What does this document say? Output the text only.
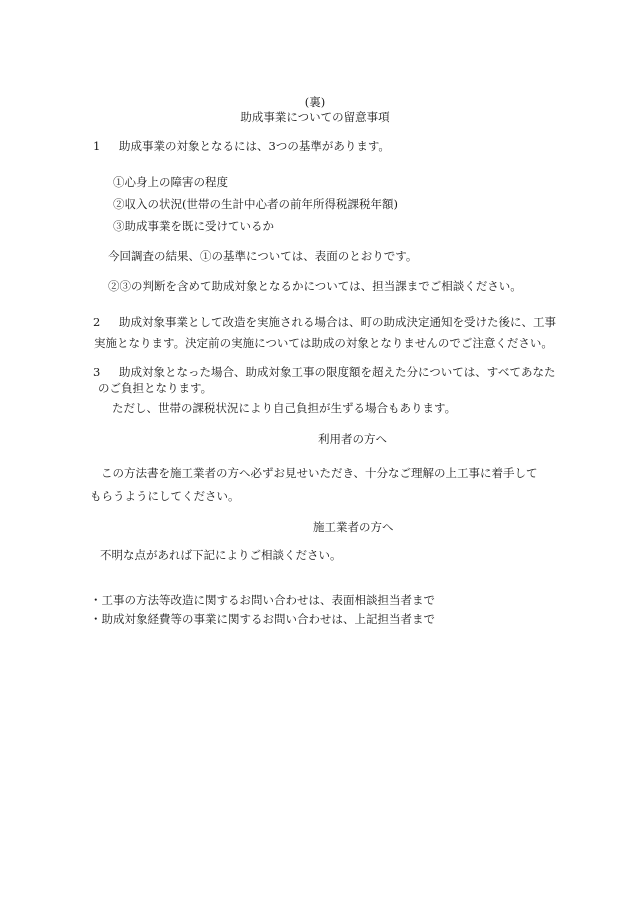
(裏)
助成事業についての留意事項
1 助成事業の対象となるには、3つの基準があります。
①心身上の障害の程度
②収入の状況(世帯の生計中心者の前年所得税課税年額)
③助成事業を既に受けているか
今回調査の結果、①の基準については、表面のとおりです。
②③の判断を含めて助成対象となるかについては、担当課までご相談ください。
2 助成対象事業として改造を実施される場合は、町の助成決定通知を受けた後に、工事
実施となります。決定前の実施については助成の対象となりませんのでご注意ください。
3 助成対象となった場合、助成対象工事の限度額を超えた分については、すべてあなた
のご負担となります。
ただし、世帯の課税状況により自己負担が生ずる場合もあります。
利用者の方へ
この方法書を施工業者の方へ必ずお見せいただき、十分なご理解の上工事に着手して
もらうようにしてください。
施工業者の方へ
不明な点があれば下記によりご相談ください。
・工事の方法等改造に関するお問い合わせは、表面相談担当者まで
・助成対象経費等の事業に関するお問い合わせは、上記担当者まで
